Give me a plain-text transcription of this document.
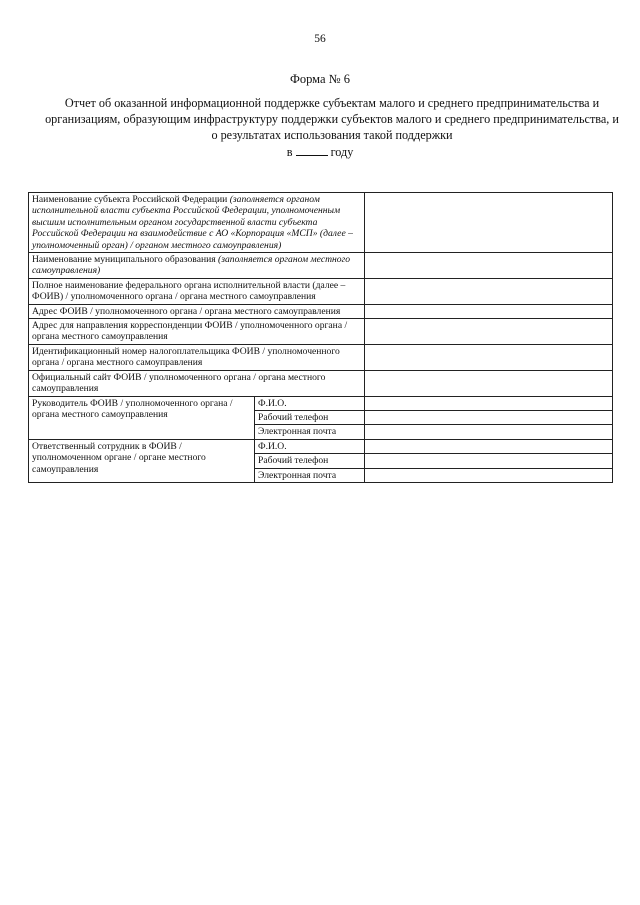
56
Форма № 6
Отчет об оказанной информационной поддержке субъектам малого и среднего предпринимательства и организациям, образующим инфраструктуру поддержки субъектов малого и среднего предпринимательства, и о результатах использования такой поддержки
в	году
Наименование субъекта Российской Федерации (заполняется органом исполнительной власти субъекта Российской Федерации, уполномоченным высшим исполнительным органом государственной власти субъекта Российской Федерации на взаимодействие с АО «Корпорация «МСП» (далее – уполномоченный орган) / органом местного самоуправления)		
Наименование муниципального образования (заполняется органом местного самоуправления)		
Полное наименование федерального органа исполнительной власти (далее – ФОИВ) / уполномоченного органа / органа местного самоуправления		
Адрес ФОИВ / уполномоченного органа / органа местного самоуправления		
Адрес для направления корреспонденции ФОИВ / уполномоченного органа / органа местного самоуправления		
Идентификационный номер налогоплательщика ФОИВ / уполномоченного органа / органа местного самоуправления		
Официальный сайт ФОИВ / уполномоченного органа / органа местного самоуправления		
Руководитель ФОИВ / уполномоченного органа / органа местного самоуправления	Ф.И.О.	
	Рабочий телефон	
	Электронная почта	
Ответственный сотрудник в ФОИВ / уполномоченном органе / органе местного самоуправления	Ф.И.О.	
	Рабочий телефон	
	Электронная почта	
